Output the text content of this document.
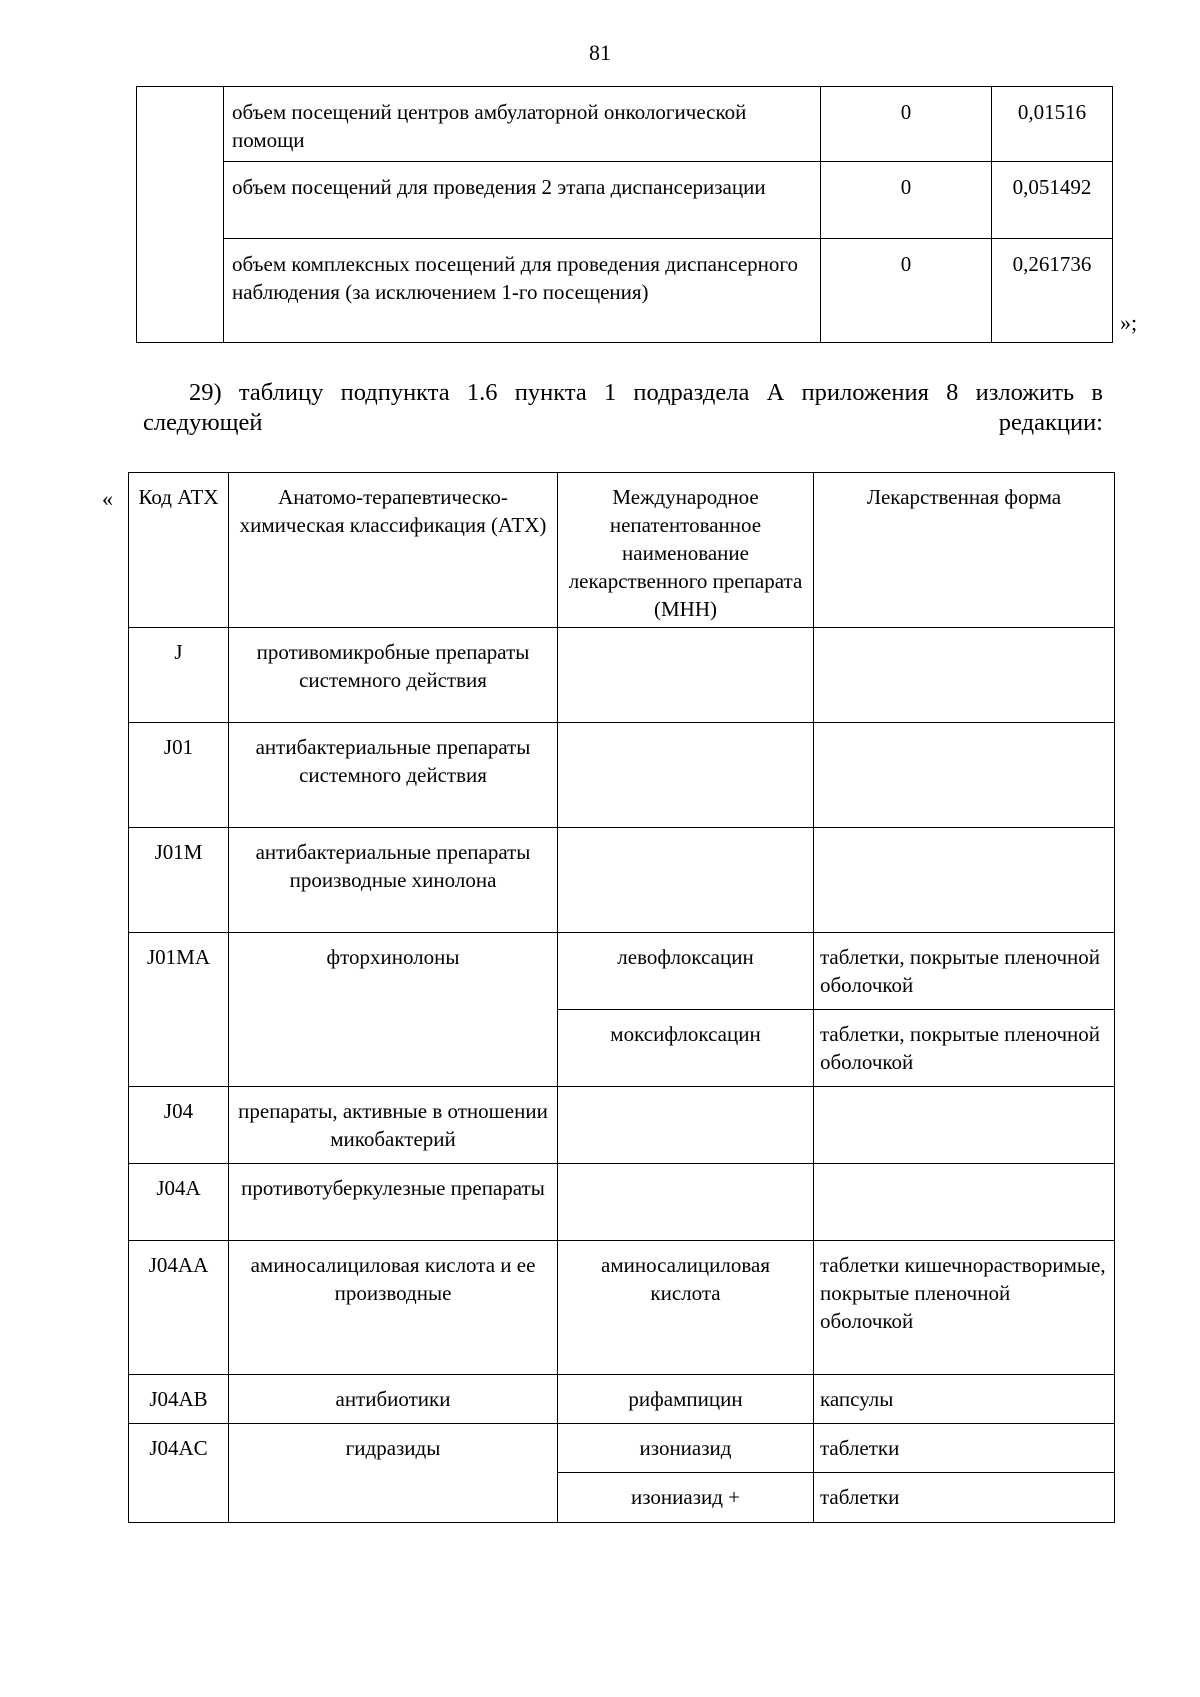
81
	объем посещений центров амбулаторной онкологической помощи	0	0,01516
	объем посещений для проведения 2 этапа диспансеризации	0	0,051492
	объем комплексных посещений для проведения диспансерного наблюдения (за исключением 1-го посещения)	0	0,261736
»;
29) таблицу подпункта 1.6 пункта 1 подраздела А приложения 8 изложить в следующей редакции:
« Код АТХ	Анатомо-терапевтическо-химическая классификация (АТХ)	Международное непатентованное наименование лекарственного препарата (МНН)	Лекарственная форма
J	противомикробные препараты системного действия		
J01	антибактериальные препараты системного действия		
J01M	антибактериальные препараты производные хинолона		
J01MA	фторхинолоны	левофлоксацин	таблетки, покрытые пленочной оболочкой
		моксифлоксацин	таблетки, покрытые пленочной оболочкой
J04	препараты, активные в отношении микобактерий		
J04A	противотуберкулезные препараты		
J04AA	аминосалициловая кислота и ее производные	аминосалициловая кислота	таблетки кишечнорастворимые, покрытые пленочной оболочкой
J04AB	антибиотики	рифампицин	капсулы
J04AC	гидразиды	изониазид	таблетки
		изониазид +	таблетки
